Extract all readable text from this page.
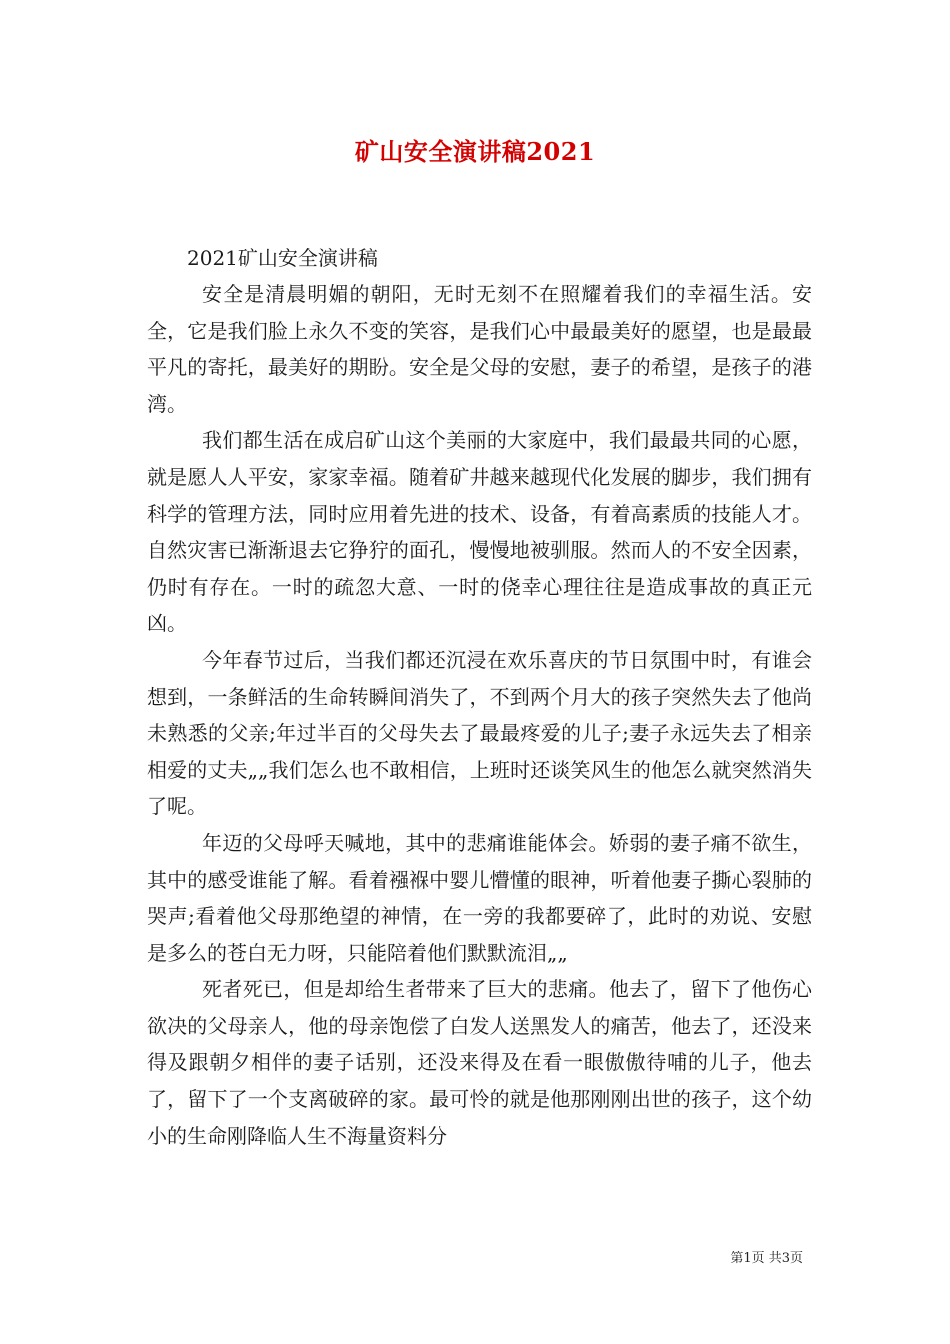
矿山安全演讲稿2021

2021矿山安全演讲稿

安全是清晨明媚的朝阳，无时无刻不在照耀着我们的幸福生活。安全，它是我们脸上永久不变的笑容，是我们心中最最美好的愿望，也是最最平凡的寄托，最美好的期盼。安全是父母的安慰，妻子的希望，是孩子的港湾。

我们都生活在成启矿山这个美丽的大家庭中，我们最最共同的心愿，就是愿人人平安，家家幸福。随着矿井越来越现代化发展的脚步，我们拥有科学的管理方法，同时应用着先进的技术、设备，有着高素质的技能人才。自然灾害已渐渐退去它狰狞的面孔，慢慢地被驯服。然而人的不安全因素，仍时有存在。一时的疏忽大意、一时的侥幸心理往往是造成事故的真正元凶。

今年春节过后，当我们都还沉浸在欢乐喜庆的节日氛围中时，有谁会想到，一条鲜活的生命转瞬间消失了，不到两个月大的孩子突然失去了他尚未熟悉的父亲;年过半百的父母失去了最最疼爱的儿子;妻子永远失去了相亲相爱的丈夫„„我们怎么也不敢相信，上班时还谈笑风生的他怎么就突然消失了呢。

年迈的父母呼天喊地，其中的悲痛谁能体会。娇弱的妻子痛不欲生，其中的感受谁能了解。看着襁褓中婴儿懵懂的眼神，听着他妻子撕心裂肺的哭声;看着他父母那绝望的神情，在一旁的我都要碎了，此时的劝说、安慰是多么的苍白无力呀，只能陪着他们默默流泪„„

死者死已，但是却给生者带来了巨大的悲痛。他去了，留下了他伤心欲决的父母亲人，他的母亲饱偿了白发人送黑发人的痛苦，他去了，还没来得及跟朝夕相伴的妻子话别，还没来得及在看一眼傲傲待哺的儿子，他去了，留下了一个支离破碎的家。最可怜的就是他那刚刚出世的孩子，这个幼小的生命刚降临人生不海量资料分

第1页 共3页
